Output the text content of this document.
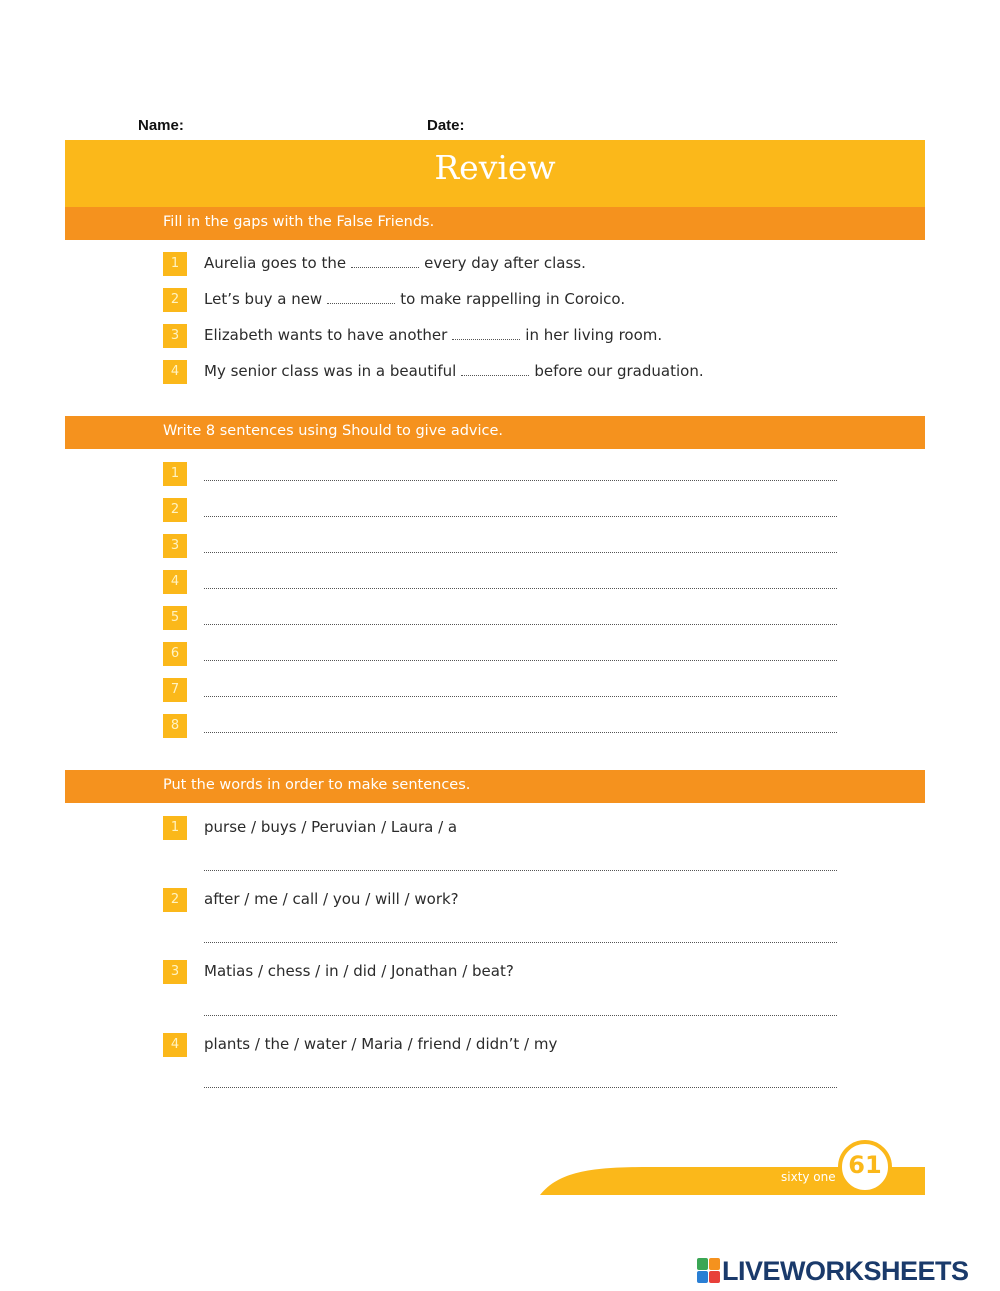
Name:	Date:
Review
Fill in the gaps with the False Friends.
1	Aurelia goes to the	every day after class.
2	Let’s buy a new	to make rappelling in Coroico.
3	Elizabeth wants to have another	in her living room.
4	My senior class was in a beautiful	before our graduation.
Write 8 sentences using Should to give advice.
1
2
3
4
5
6
7
8
Put the words in order to make sentences.
1	purse / buys / Peruvian / Laura / a
2	after / me / call / you / will / work?
3	Matias / chess / in / did / Jonathan / beat?
4	plants / the / water / Maria / friend / didn’t / my
PAGE
sixty one 61
LIVEWORKSHEETS
